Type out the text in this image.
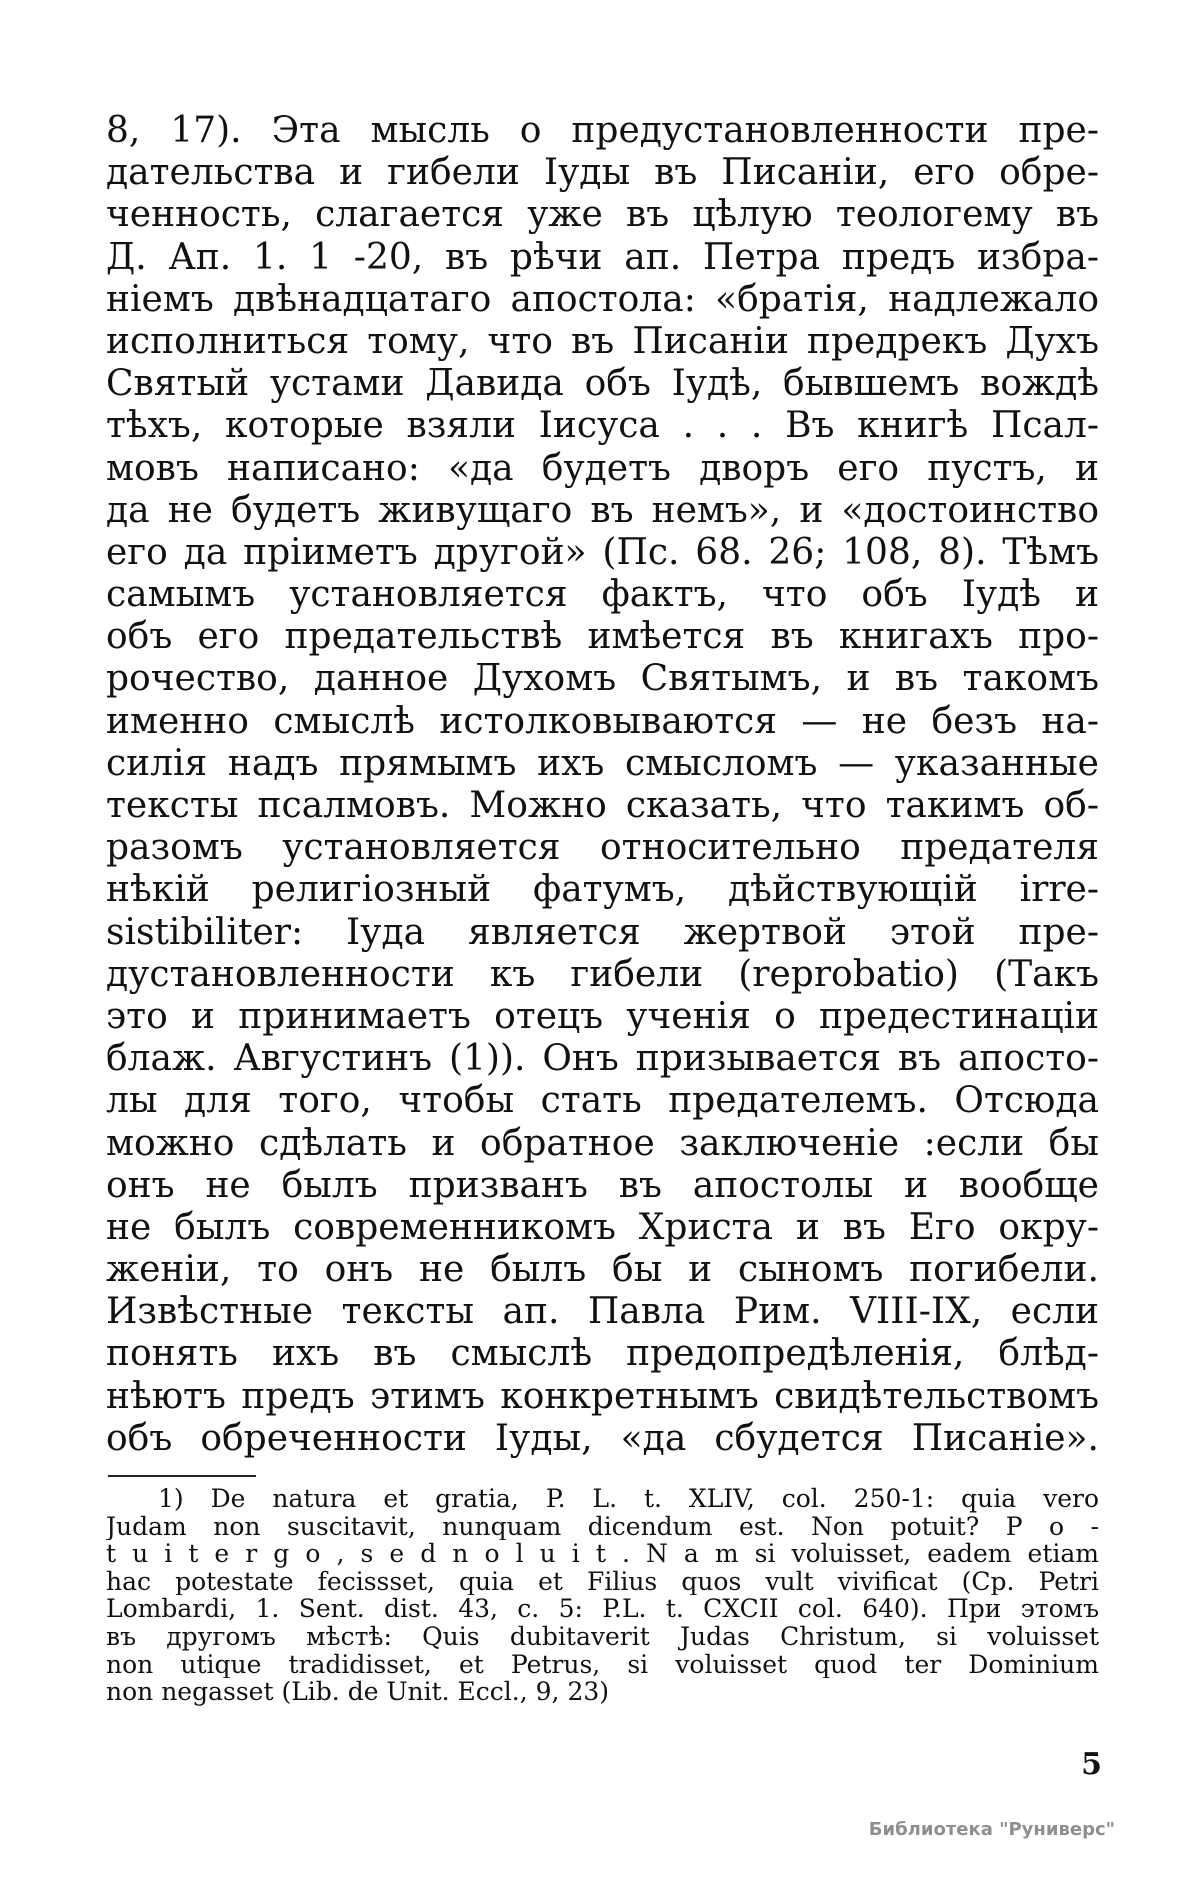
8, 17). Эта мысль о предустановленности пре-
дательства и гибели Іуды въ Писаніи, его обре-
ченность, слагается уже въ цѣлую теологему въ
Д. Ап. 1. 1 -20, въ рѣчи ап. Петра предъ избра-
ніемъ двѣнадцатаго апостола: «братія, надлежало
исполниться тому, что въ Писаніи предрекъ Духъ
Святый устами Давида объ Іудѣ, бывшемъ вождѣ
тѣхъ, которые взяли Іисуса . . . Въ книгѣ Псал-
мовъ написано: «да будетъ дворъ его пустъ, и
да не будетъ живущаго въ немъ», и «достоинство
его да пріиметъ другой» (Пс. 68. 26; 108, 8). Тѣмъ
самымъ установляется фактъ, что объ Іудѣ и
объ его предательствѣ имѣется въ книгахъ про-
рочество, данное Духомъ Святымъ, и въ такомъ
именно смыслѣ истолковываются — не безъ на-
силія надъ прямымъ ихъ смысломъ — указанные
тексты псалмовъ. Можно сказать, что такимъ об-
разомъ установляется относительно предателя
нѣкій религіозный фатумъ, дѣйствующій irre-
sistibiliter: Іуда является жертвой этой пре-
дустановленности къ гибели (reprobatio) (Такъ
это и принимаетъ отецъ ученія о предестинаціи
блаж. Августинъ (1)). Онъ призывается въ апосто-
лы для того, чтобы стать предателемъ. Отсюда
можно сдѣлать и обратное заключеніе :если бы
онъ не былъ призванъ въ апостолы и вообще
не былъ современникомъ Христа и въ Его окру-
женіи, то онъ не былъ бы и сыномъ погибели.
Извѣстные тексты ап. Павла Рим. VIII-IX, если
понять ихъ въ смыслѣ предопредѣленія, блѣд-
нѣютъ предъ этимъ конкретнымъ свидѣтельствомъ
объ обреченности Іуды, «да сбудется Писаніе».
1) De natura et gratia, P. L. t. XLIV, col. 250-1: quia vero
Judam non suscitavit, nunquam dicendum est. Non potuit? P o -
t u i t e r g o , s e d n o l u i t . N a m si voluisset, eadem etiam
hac potestate fecissset, quia et Filius quos vult vivificat (Cp. Petri
Lombardi, 1. Sent. dist. 43, c. 5: P.L. t. CXCII col. 640). При этомъ
въ другомъ мѣстѣ: Quis dubitaverit Judas Christum, si voluisset
non utique tradidisset, et Petrus, si voluisset quod ter Dominium
non negasset (Lib. de Unit. Eccl., 9, 23)
5
Библиотека "Руниверс"
